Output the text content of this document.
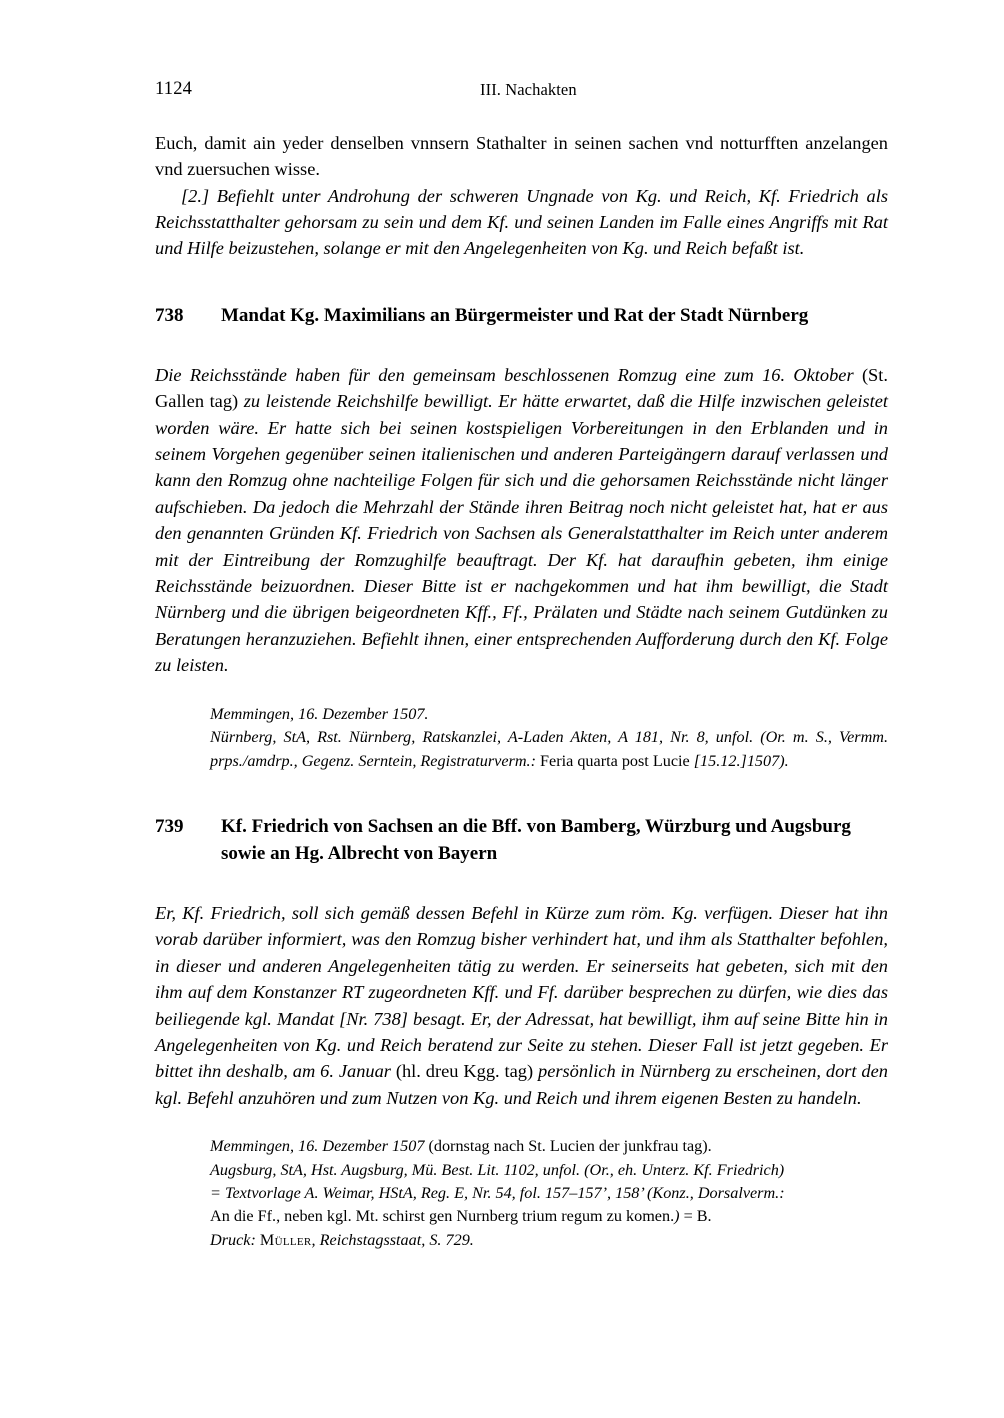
1124	III. Nachakten
Euch, damit ain yeder denselben vnnsern Stathalter in seinen sachen vnd notturfften anzelangen vnd zuersuchen wisse.
[2.] Befiehlt unter Androhung der schweren Ungnade von Kg. und Reich, Kf. Friedrich als Reichsstatthalter gehorsam zu sein und dem Kf. und seinen Landen im Falle eines Angriffs mit Rat und Hilfe beizustehen, solange er mit den Angelegenheiten von Kg. und Reich befaßt ist.
738	Mandat Kg. Maximilians an Bürgermeister und Rat der Stadt Nürnberg
Die Reichsstände haben für den gemeinsam beschlossenen Romzug eine zum 16. Oktober (St. Gallen tag) zu leistende Reichshilfe bewilligt. Er hätte erwartet, daß die Hilfe inzwischen geleistet worden wäre. Er hatte sich bei seinen kostspieligen Vorbereitungen in den Erblanden und in seinem Vorgehen gegenüber seinen italienischen und anderen Parteigängern darauf verlassen und kann den Romzug ohne nachteilige Folgen für sich und die gehorsamen Reichsstände nicht länger aufschieben. Da jedoch die Mehrzahl der Stände ihren Beitrag noch nicht geleistet hat, hat er aus den genannten Gründen Kf. Friedrich von Sachsen als Generalstatthalter im Reich unter anderem mit der Eintreibung der Romzughilfe beauftragt. Der Kf. hat daraufhin gebeten, ihm einige Reichsstände beizuordnen. Dieser Bitte ist er nachgekommen und hat ihm bewilligt, die Stadt Nürnberg und die übrigen beigeordneten Kff., Ff., Prälaten und Städte nach seinem Gutdünken zu Beratungen heranzuziehen. Befiehlt ihnen, einer entsprechenden Aufforderung durch den Kf. Folge zu leisten.
Memmingen, 16. Dezember 1507.
Nürnberg, StA, Rst. Nürnberg, Ratskanzlei, A-Laden Akten, A 181, Nr. 8, unfol. (Or. m. S., Vermm. prps./amdrp., Gegenz. Serntein, Registraturverm.: Feria quarta post Lucie [15.12.]1507).
739	Kf. Friedrich von Sachsen an die Bff. von Bamberg, Würzburg und Augsburg sowie an Hg. Albrecht von Bayern
Er, Kf. Friedrich, soll sich gemäß dessen Befehl in Kürze zum röm. Kg. verfügen. Dieser hat ihn vorab darüber informiert, was den Romzug bisher verhindert hat, und ihm als Statthalter befohlen, in dieser und anderen Angelegenheiten tätig zu werden. Er seinerseits hat gebeten, sich mit den ihm auf dem Konstanzer RT zugeordneten Kff. und Ff. darüber besprechen zu dürfen, wie dies das beiliegende kgl. Mandat [Nr. 738] besagt. Er, der Adressat, hat bewilligt, ihm auf seine Bitte hin in Angelegenheiten von Kg. und Reich beratend zur Seite zu stehen. Dieser Fall ist jetzt gegeben. Er bittet ihn deshalb, am 6. Januar (hl. dreu Kgg. tag) persönlich in Nürnberg zu erscheinen, dort den kgl. Befehl anzuhören und zum Nutzen von Kg. und Reich und ihrem eigenen Besten zu handeln.
Memmingen, 16. Dezember 1507 (dornstag nach St. Lucien der junkfrau tag).
Augsburg, StA, Hst. Augsburg, Mü. Best. Lit. 1102, unfol. (Or., eh. Unterz. Kf. Friedrich)
= Textvorlage A. Weimar, HStA, Reg. E, Nr. 54, fol. 157–157’, 158’ (Konz., Dorsalverm.:
An die Ff., neben kgl. Mt. schirst gen Nurnberg trium regum zu komen.) = B.
Druck: Müller, Reichstagsstaat, S. 729.
